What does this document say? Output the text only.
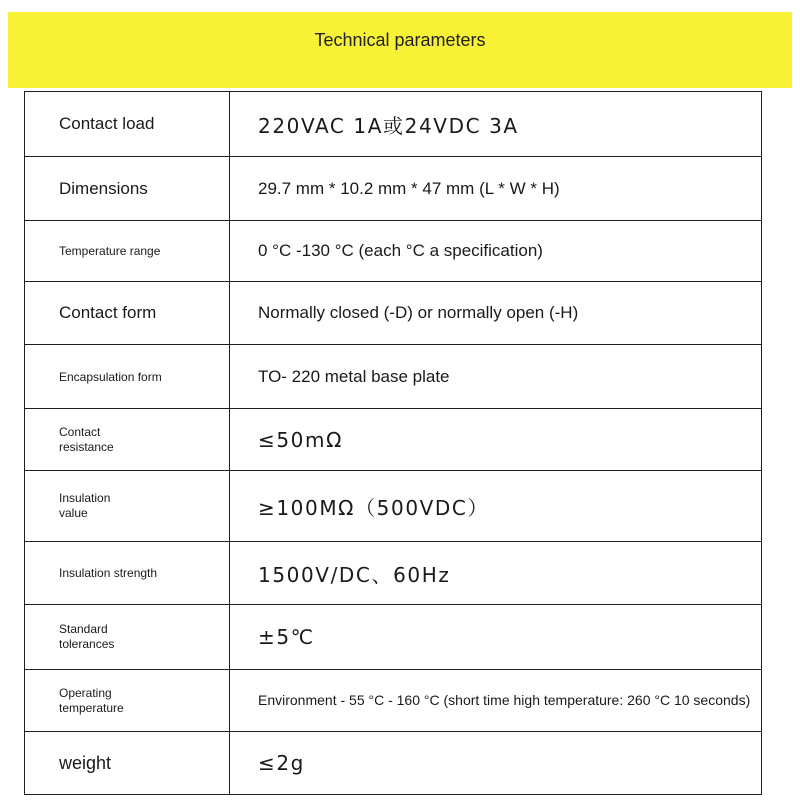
Technical parameters
Contact load	220VAC 1A或24VDC 3A
Dimensions	29.7 mm * 10.2 mm * 47 mm (L * W * H)
Temperature range	0 °C -130 °C (each °C a specification)
Contact form	Normally closed (-D) or normally open (-H)
Encapsulation form	TO- 220 metal base plate

Contact
resistance	≤50mΩ

Insulation
value	≥100MΩ（500VDC）
Insulation strength	1500V/DC、60Hz

Standard
tolerances	±5℃

Operating
temperature	Environment - 55 °C - 160 °C (short time high temperature: 260 °C 10 seconds)
weight	≤2g
